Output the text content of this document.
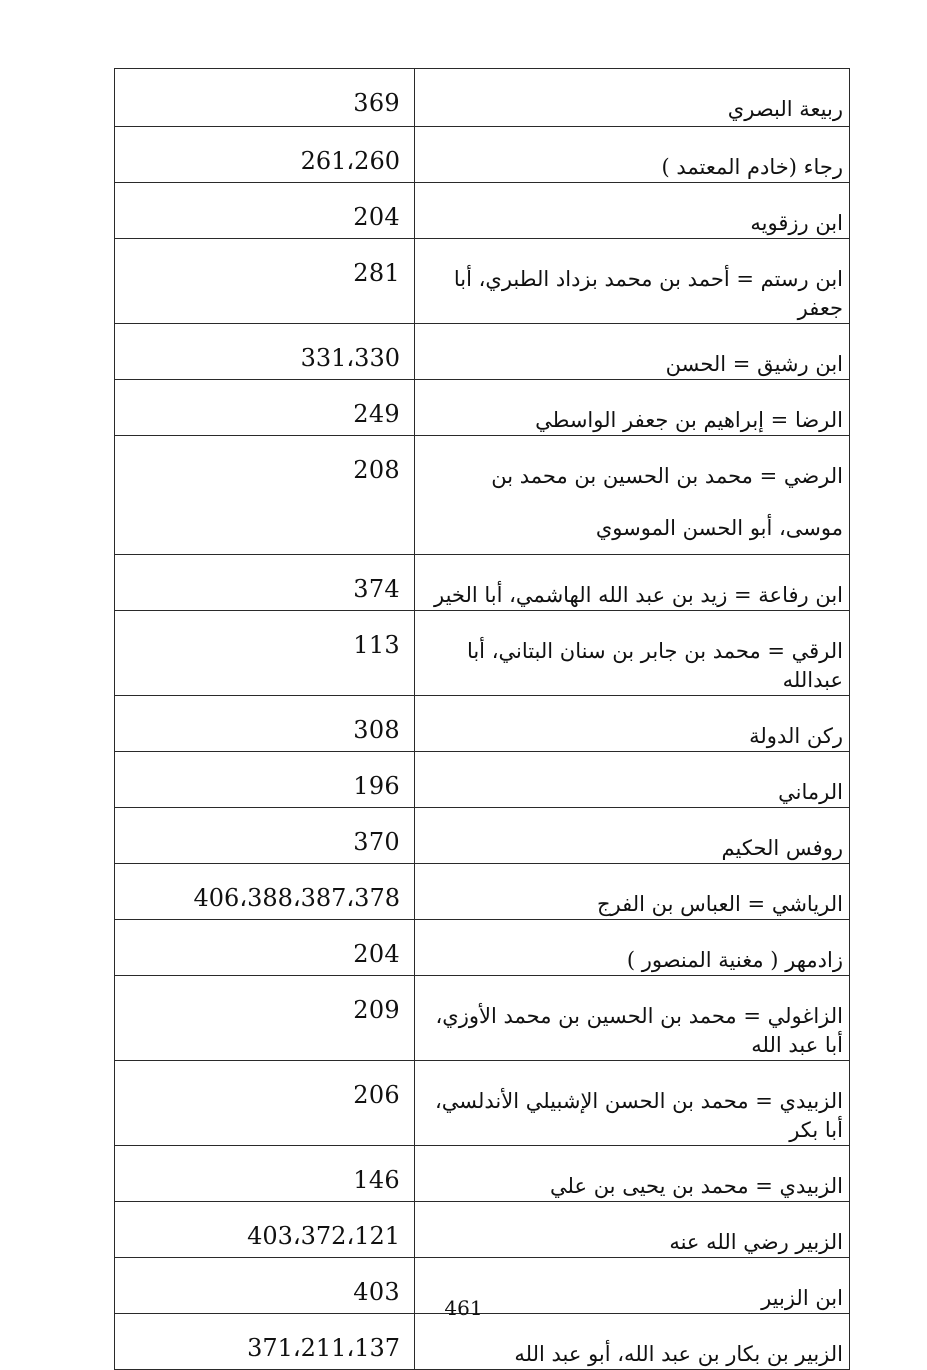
369	ربيعة البصري
261،260	رجاء (خادم المعتمد )
204	ابن رزقويه
281	ابن رستم = أحمد بن محمد بزداد الطبري، أبا جعفر
331،330	ابن رشيق = الحسن
249	الرضا = إبراهيم بن جعفر الواسطي
208	الرضي = محمد بن الحسين بن محمد بن موسى، أبو الحسن الموسوي
374	ابن رفاعة = زيد بن عبد الله الهاشمي، أبا الخير
113	الرقي = محمد بن جابر بن سنان البتاني، أبا عبدالله
308	ركن الدولة
196	الرماني
370	روفس الحكيم
406،388،387،378	الرياشي = العباس بن الفرج
204	زادمهر ( مغنية المنصور )
209	الزاغولي = محمد بن الحسين بن محمد الأوزي، أبا عبد الله
206	الزبيدي = محمد بن الحسن الإشبيلي الأندلسي، أبا بكر
146	الزبيدي = محمد بن يحيى بن علي
403،372،121	الزبير رضي الله عنه
403	ابن الزبير
371،211،137	الزبير بن بكار بن عبد الله، أبو عبد الله
461
